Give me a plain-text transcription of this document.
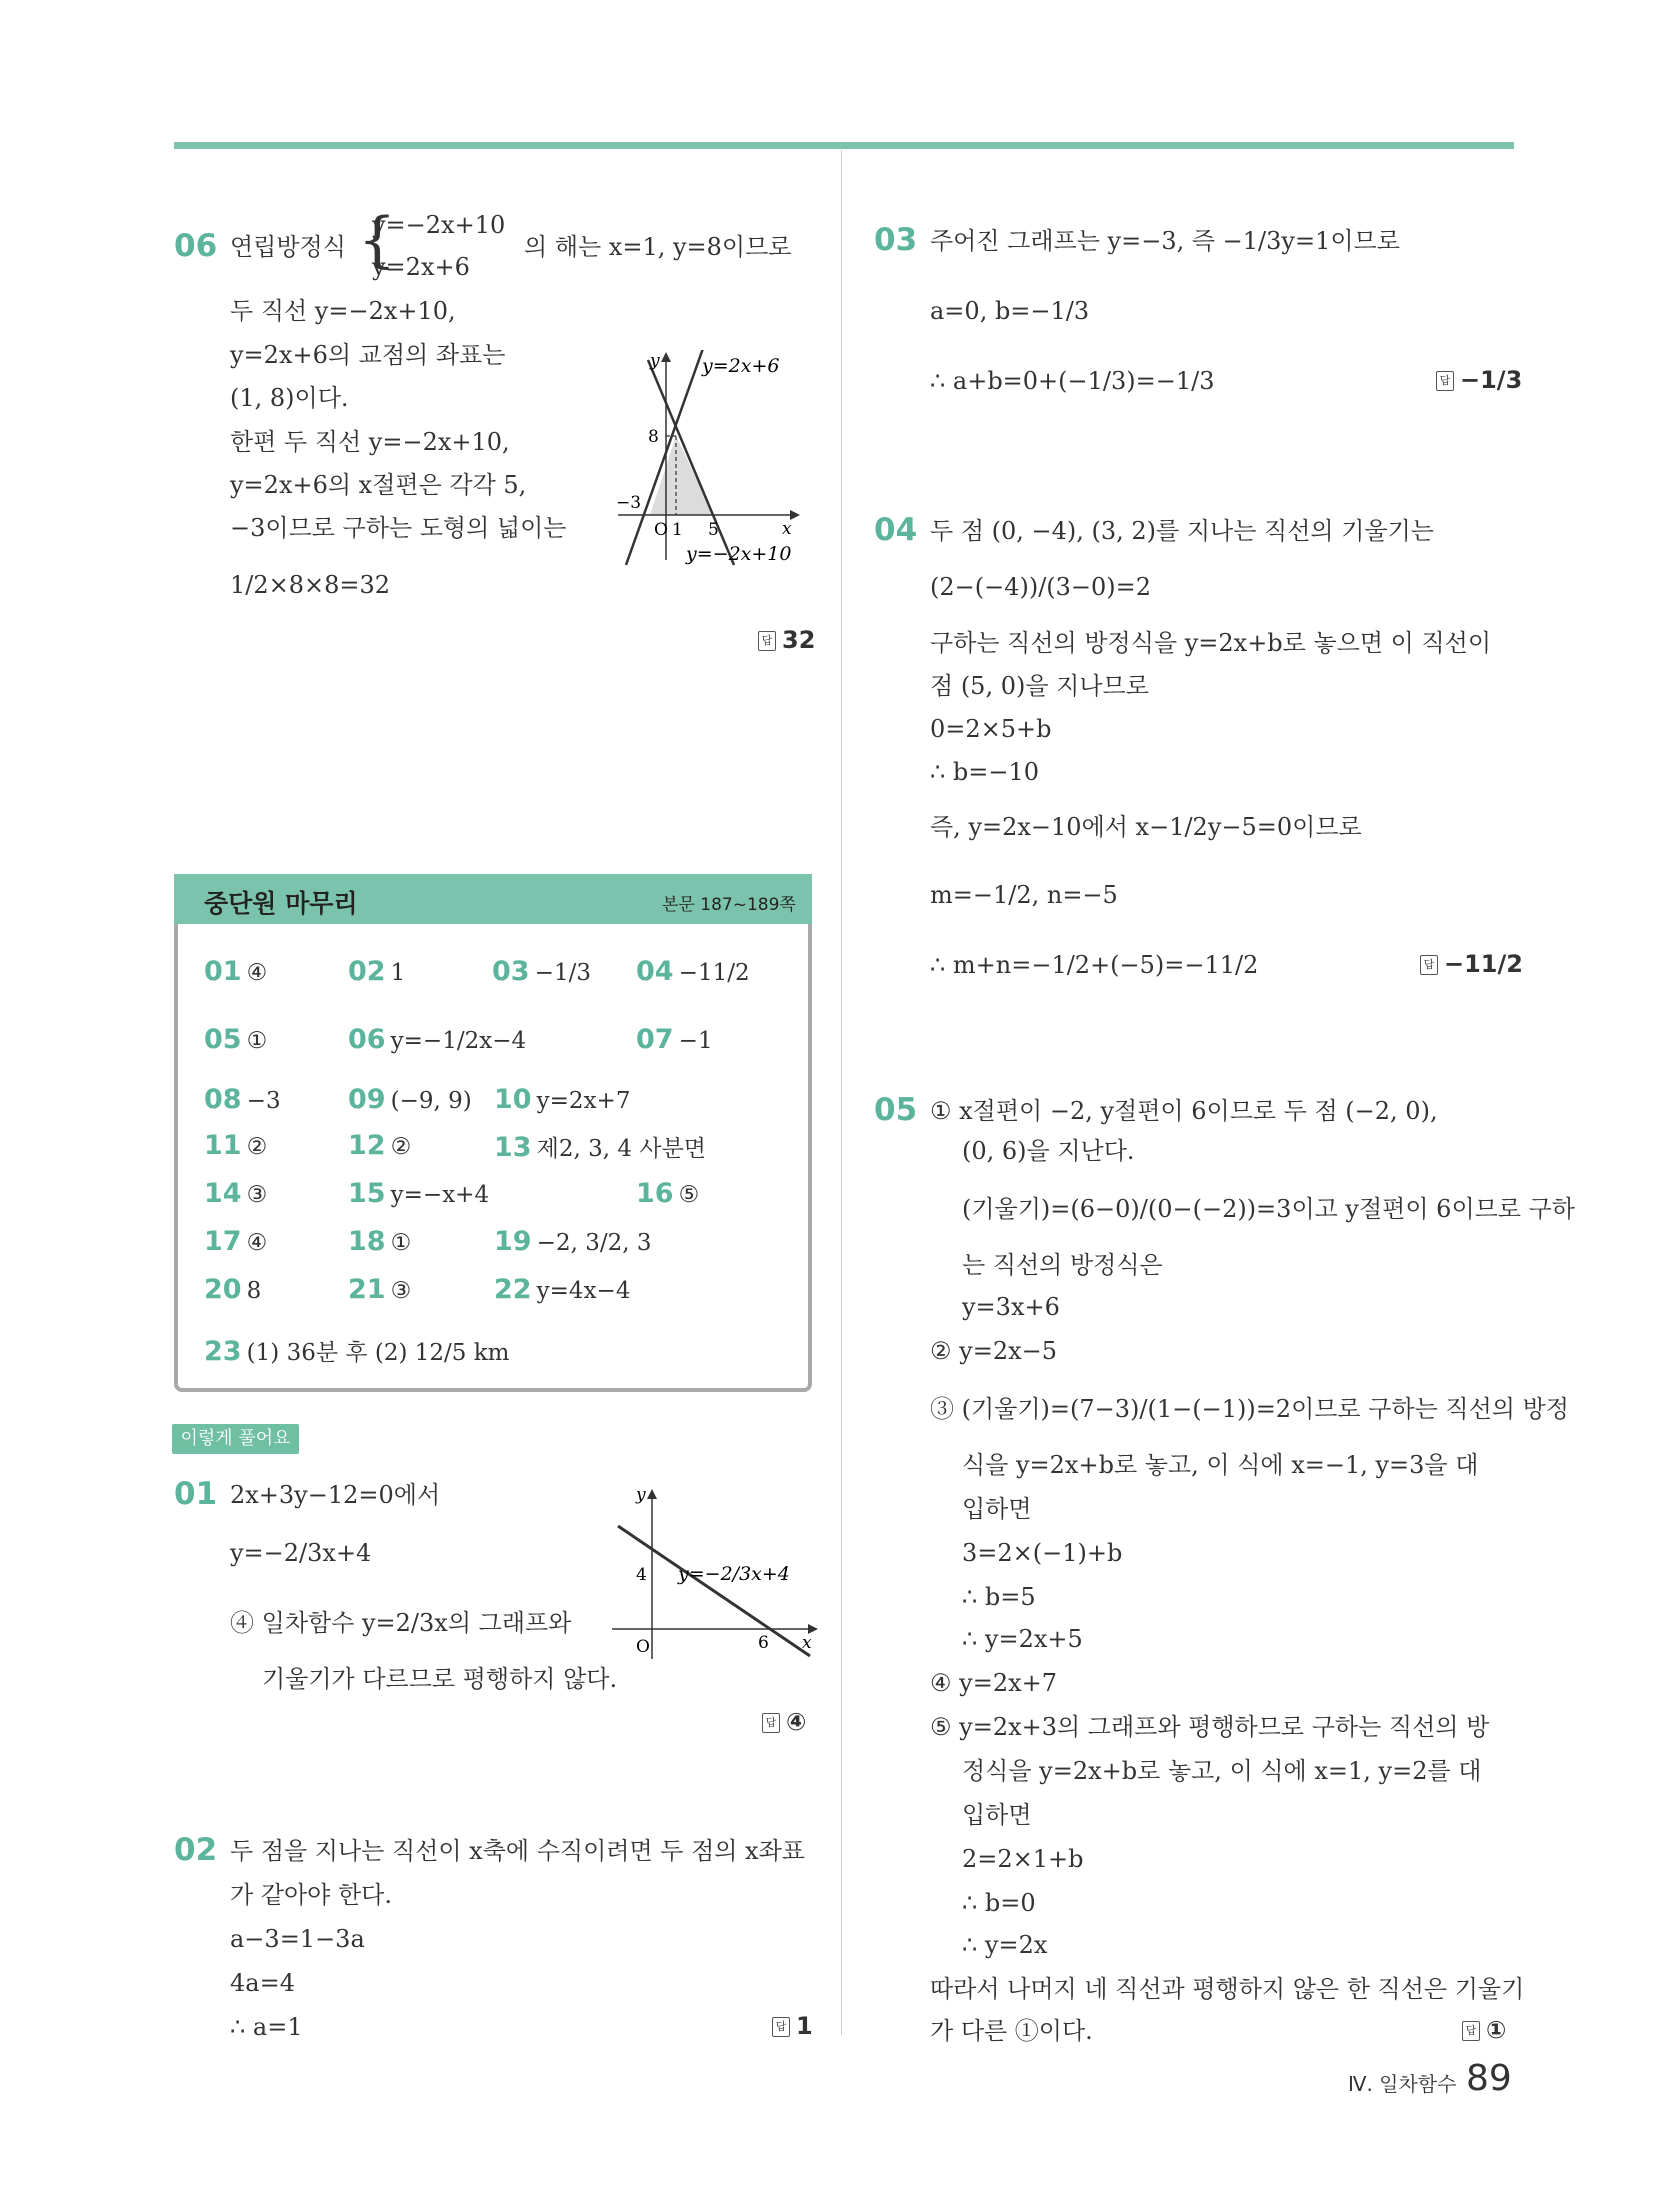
06 연립방정식 {
y=−2x+10
y=2x+6
의 해는 x=1, y=8이므로
두 직선 y=−2x+10,
y=2x+6의 교점의 좌표는
(1, 8)이다.
한편 두 직선 y=−2x+10,
y=2x+6의 x절편은 각각 5,
−3이므로 구하는 도형의 넓이는
1/2×8×8=32
y y=2x+6
8
−3
O 1 5	x
y=−2x+10
답 32
중단원 마무리	본문 187~189쪽
01 ④	02 1	03 −1/3 04 −11/2
05 ①	06 y=−1/2x−4	07 −1
08 −3 09 (−9, 9) 10 y=2x+7
11 ②	12 ②	13 제2, 3, 4 사분면
14 ③	15 y=−x+4	16 ⑤
17 ④	18 ①	19 −2, 3/2, 3
20 8	21 ③	22 y=4x−4
23 (1) 36분 후 (2) 12/5 km
이렇게 풀어요
01 2x+3y−12=0에서
y=−2/3x+4
④ 일차함수 y=2/3x의 그래프와
기울기가 다르므로 평행하지 않다.
y
4 y=−2/3x+4
O	6 x
답 ④
02 두 점을 지나는 직선이 x축에 수직이려면 두 점의 x좌표
가 같아야 한다.
a−3=1−3a
4a=4
∴ a=1	답 1
03 주어진 그래프는 y=−3, 즉 −1/3y=1이므로
a=0, b=−1/3
∴ a+b=0+(−1/3)=−1/3	답 −1/3
04 두 점 (0, −4), (3, 2)를 지나는 직선의 기울기는
(2−(−4))/(3−0)=2
구하는 직선의 방정식을 y=2x+b로 놓으면 이 직선이
점 (5, 0)을 지나므로
0=2×5+b
∴ b=−10
즉, y=2x−10에서 x−1/2y−5=0이므로
m=−1/2, n=−5
∴ m+n=−1/2+(−5)=−11/2	답 −11/2
05 ① x절편이 −2, y절편이 6이므로 두 점 (−2, 0),
(0, 6)을 지난다.
(기울기)=(6−0)/(0−(−2))=3이고 y절편이 6이므로 구하
는 직선의 방정식은
y=3x+6
② y=2x−5
③ (기울기)=(7−3)/(1−(−1))=2이므로 구하는 직선의 방정
식을 y=2x+b로 놓고, 이 식에 x=−1, y=3을 대
입하면
3=2×(−1)+b
∴ b=5
∴ y=2x+5
④ y=2x+7
⑤ y=2x+3의 그래프와 평행하므로 구하는 직선의 방
정식을 y=2x+b로 놓고, 이 식에 x=1, y=2를 대
입하면
2=2×1+b
∴ b=0
∴ y=2x
따라서 나머지 네 직선과 평행하지 않은 한 직선은 기울기
가 다른 ①이다.	답 ①
Ⅳ. 일차함수 89
